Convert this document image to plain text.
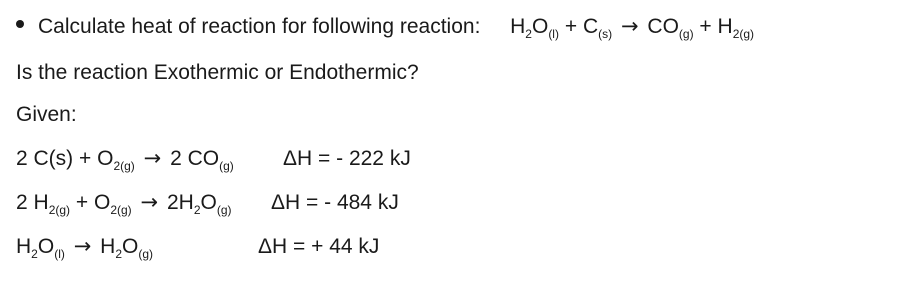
Calculate heat of reaction for following reaction: $H_2O_{(l)} + C_{(s)} \to CO_{(g)} + H_{2(g)}$
Is the reaction Exothermic or Endothermic?
Given:
2 $C(s) + O_{2(g)} \to 2$ $CO_{(g)}$ ΔH = - 222 kJ
2 $H_{2(g)} + O_{2(g)} \to 2H_2O_{(g)}$ ΔH = - 484 kJ
$H_2O_{(l)} \to H_2O_{(g)}$	ΔH = + 44 kJ
